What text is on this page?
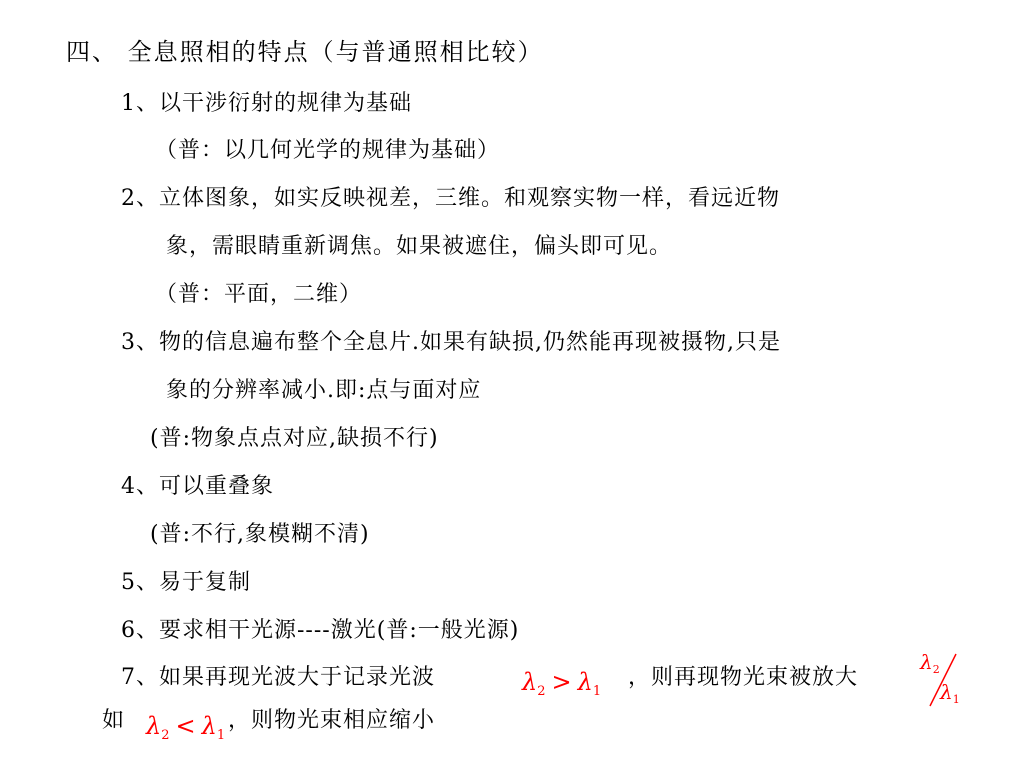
四、 全息照相的特点（与普通照相比较）
1、以干涉衍射的规律为基础
（普：以几何光学的规律为基础）
2、立体图象，如实反映视差，三维。和观察实物一样，看远近物
象，需眼睛重新调焦。如果被遮住，偏头即可见。
（普：平面，二维）
3、物的信息遍布整个全息片.如果有缺损,仍然能再现被摄物,只是
象的分辨率减小.即:点与面对应
(普:物象点点对应,缺损不行)
4、可以重叠象
(普:不行,象模糊不清)
5、易于复制
6、要求相干光源----激光(普:一般光源)
7、如果再现光波大于记录光波	$\lambda_2 > \lambda_1$
，则再现物光束被放大
$\lambda_2$
$\lambda_1$
如 $\lambda_2 < \lambda_1$
，则物光束相应缩小
